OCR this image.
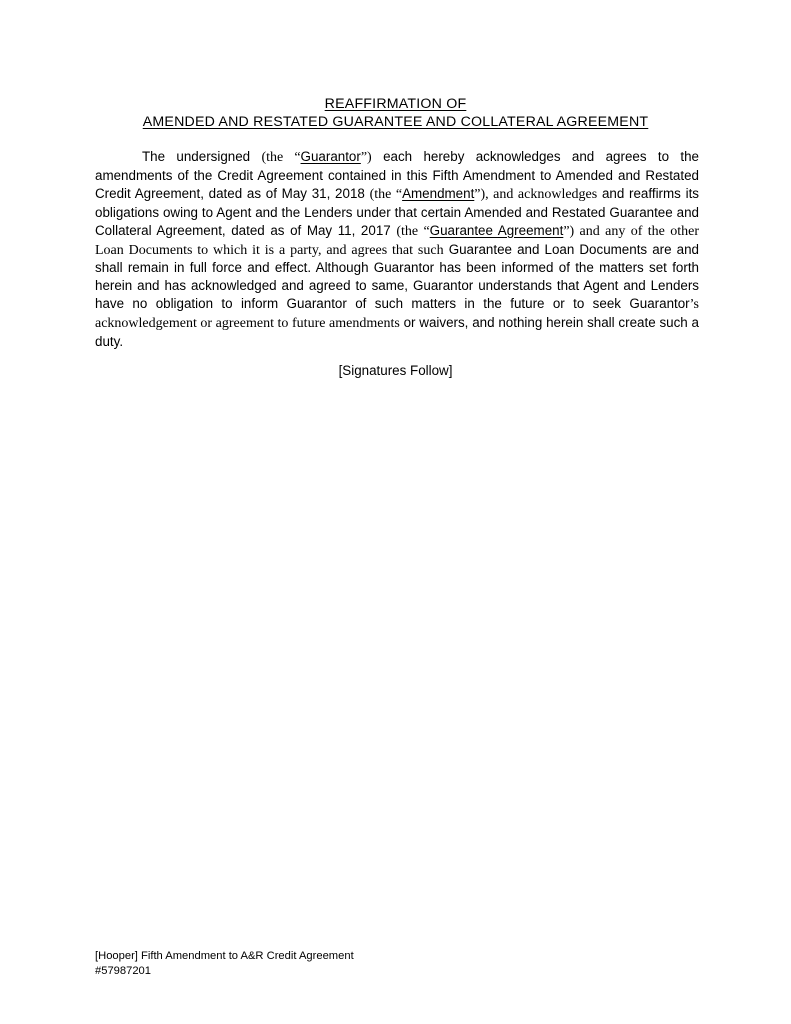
REAFFIRMATION OF
AMENDED AND RESTATED GUARANTEE AND COLLATERAL AGREEMENT

The undersigned (the “Guarantor”) each hereby acknowledges and agrees to the amendments of the Credit Agreement contained in this Fifth Amendment to Amended and Restated Credit Agreement, dated as of May 31, 2018 (the “Amendment”), and acknowledges and reaffirms its obligations owing to Agent and the Lenders under that certain Amended and Restated Guarantee and Collateral Agreement, dated as of May 11, 2017 (the “Guarantee Agreement”) and any of the other Loan Documents to which it is a party, and agrees that such Guarantee and Loan Documents are and shall remain in full force and effect. Although Guarantor has been informed of the matters set forth herein and has acknowledged and agreed to same, Guarantor understands that Agent and Lenders have no obligation to inform Guarantor of such matters in the future or to seek Guarantor’s acknowledgement or agreement to future amendments or waivers, and nothing herein shall create such a duty.

[Signatures Follow]
[Hooper] Fifth Amendment to A&R Credit Agreement
#57987201
